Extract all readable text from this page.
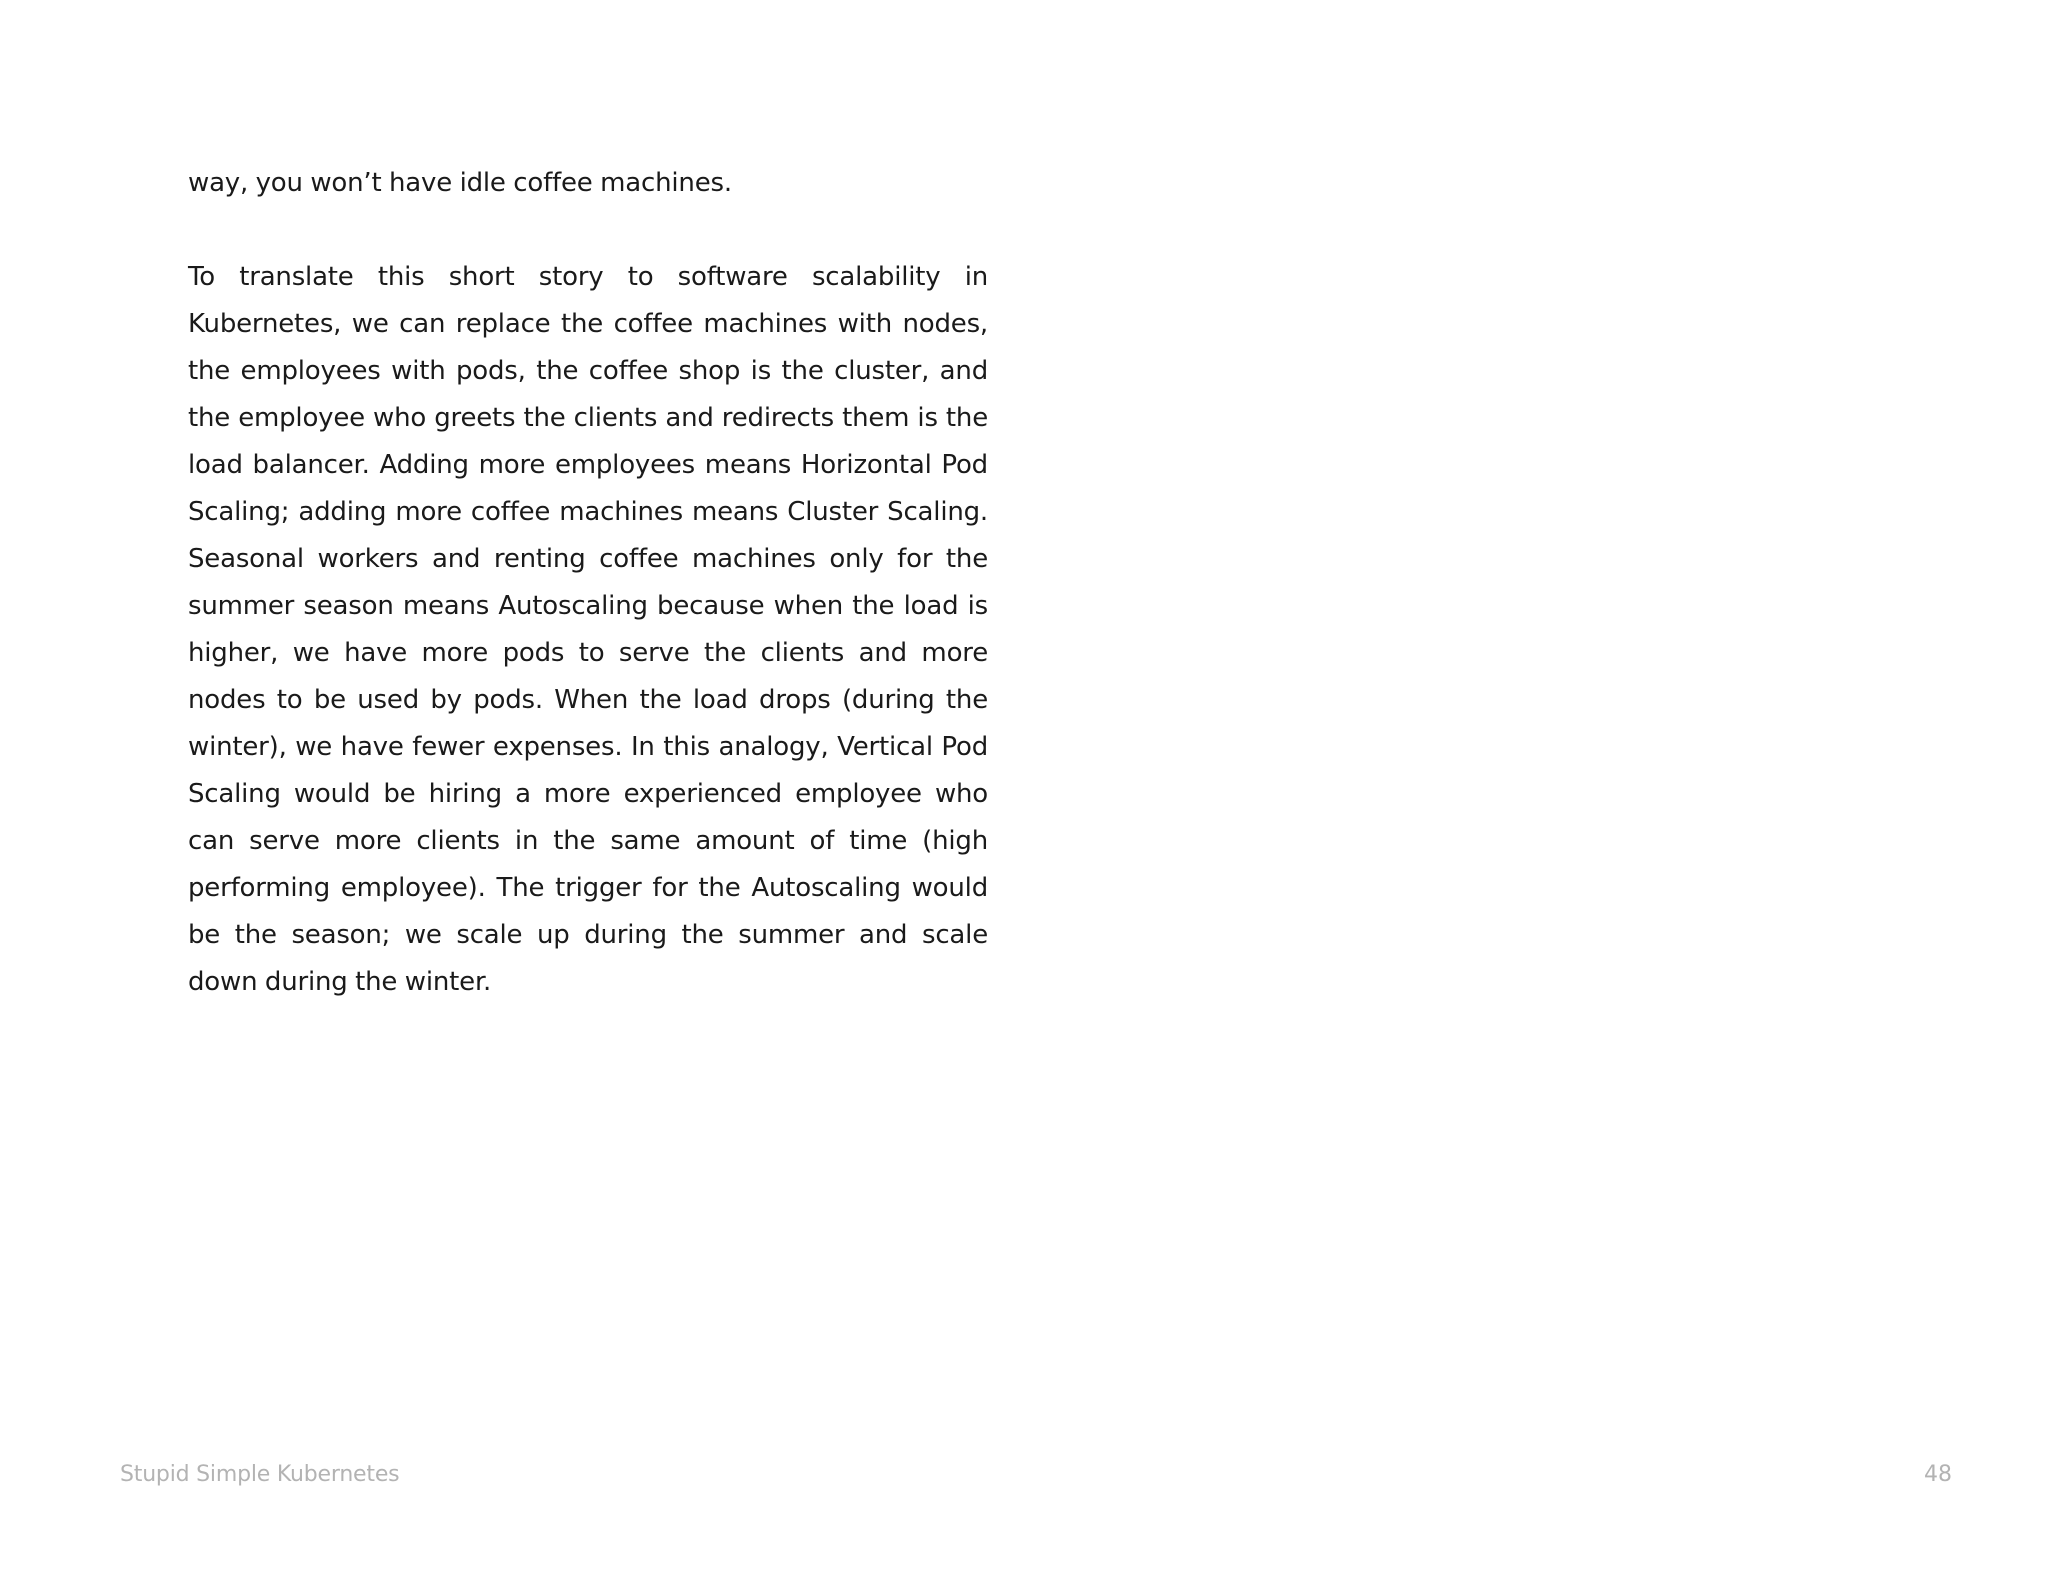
way, you won’t have idle coffee machines.

To translate this short story to software scalability in Kubernetes, we can replace the coffee machines with nodes, the employees with pods, the coffee shop is the cluster, and the employee who greets the clients and redirects them is the load balancer. Adding more employees means Horizontal Pod Scaling; adding more coffee machines means Cluster Scaling. Seasonal workers and renting coffee machines only for the summer season means Autoscaling because when the load is higher, we have more pods to serve the clients and more nodes to be used by pods. When the load drops (during the winter), we have fewer expenses. In this analogy, Vertical Pod Scaling would be hiring a more experienced employee who can serve more clients in the same amount of time (high performing employee). The trigger for the Autoscaling would be the season; we scale up during the summer and scale down during the winter.

Stupid Simple Kubernetes	48
